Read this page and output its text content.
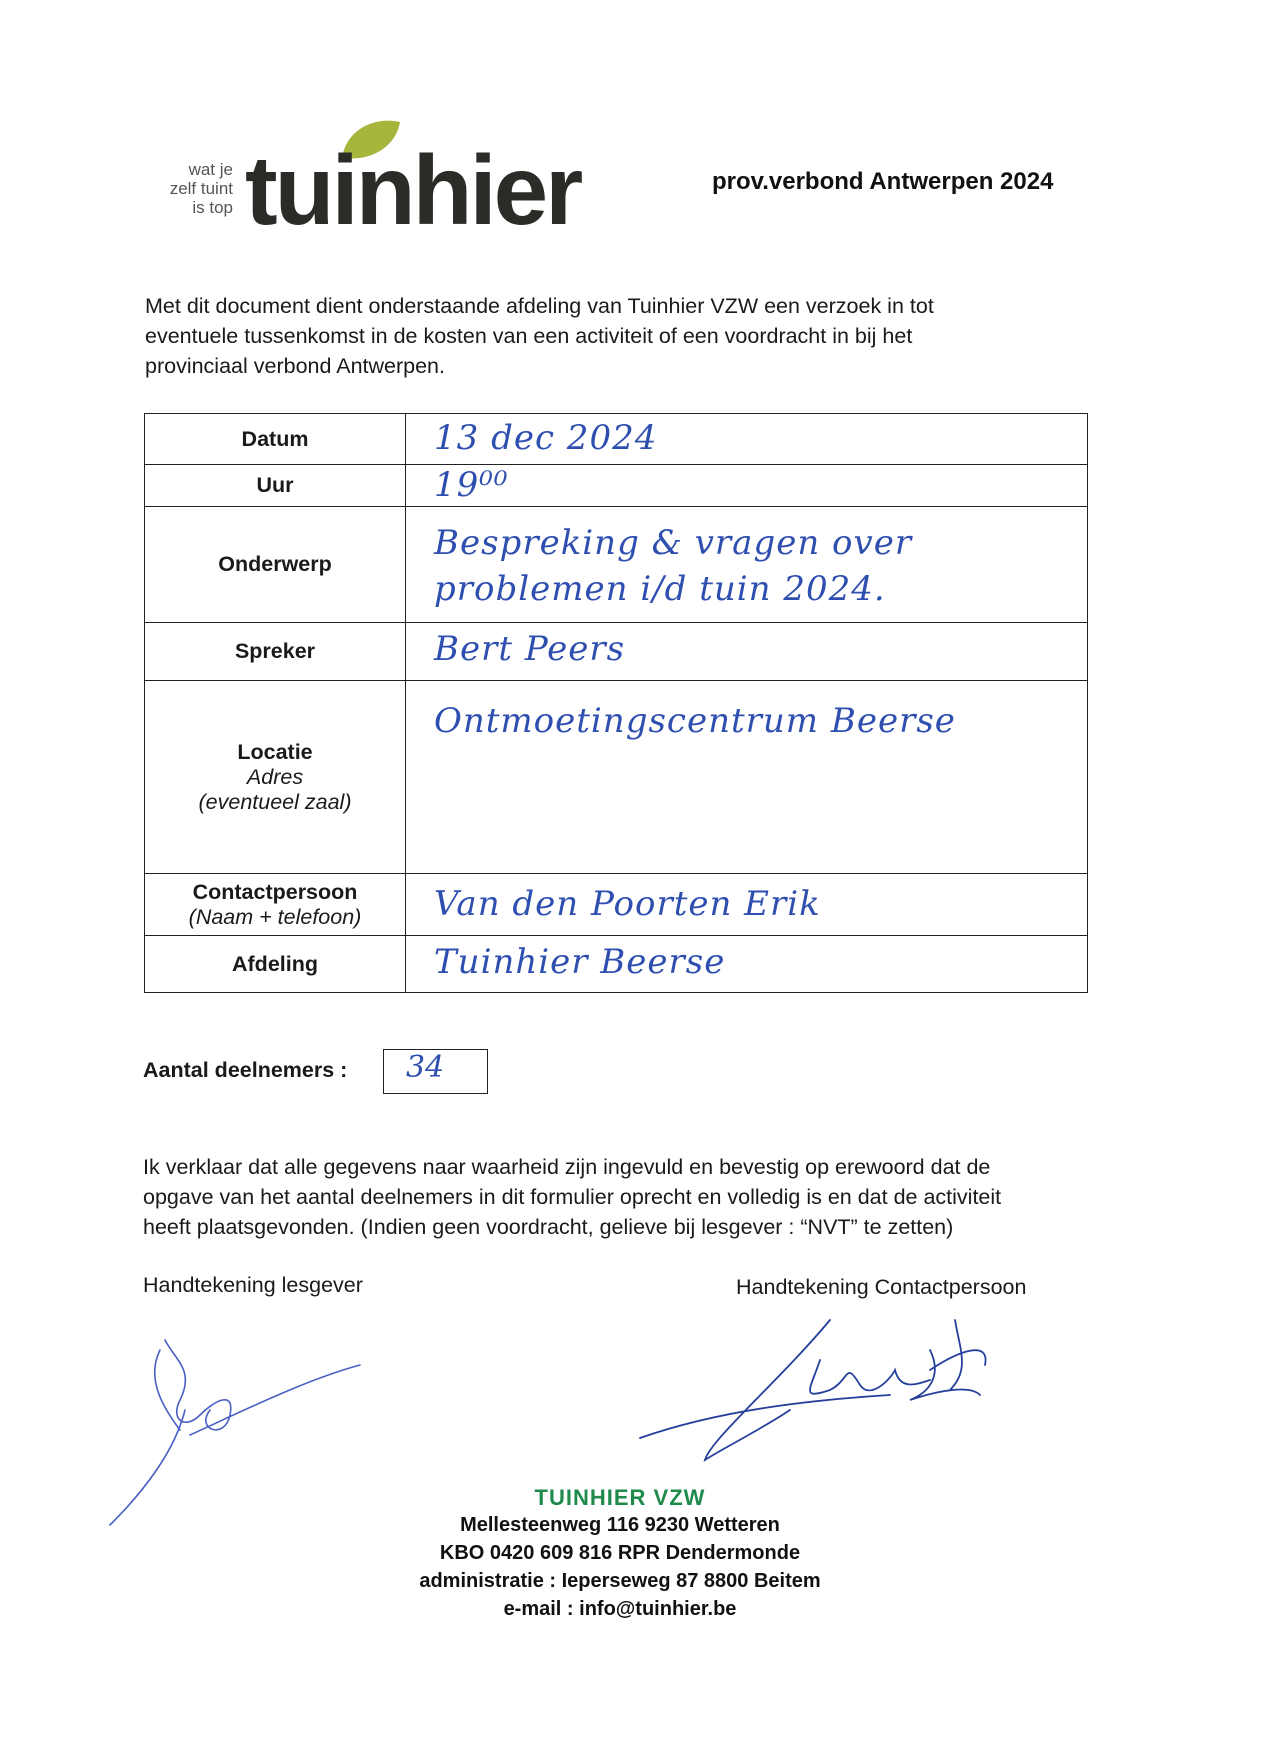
wat je
zelf tuint
is top tuinhier	prov.verbond Antwerpen 2024

Met dit document dient onderstaande afdeling van Tuinhier VZW een verzoek in tot

eventuele tussenkomst in de kosten van een activiteit of een voordracht in bij het

provinciaal verbond Antwerpen.

Datum	13 dec 2024

Uur	19⁰⁰

Onderwerp	Bespreking & vragen over
problemen i/d tuin 2024.

Spreker	Bert Peers

Locatie
Adres
(eventueel zaal)	Ontmoetingscentrum Beerse

Contactpersoon
(Naam + telefoon)	Van den Poorten Erik

Afdeling	Tuinhier Beerse
Aantal deelnemers : 34

Ik verklaar dat alle gegevens naar waarheid zijn ingevuld en bevestig op erewoord dat de

opgave van het aantal deelnemers in dit formulier oprecht en volledig is en dat de activiteit

heeft plaatsgevonden. (Indien geen voordracht, gelieve bij lesgever : “NVT” te zetten)

Handtekening lesgever	Handtekening Contactpersoon
TUINHIER VZW
Mellesteenweg 116 9230 Wetteren
KBO 0420 609 816 RPR Dendermonde
administratie : Ieperseweg 87 8800 Beitem
e-mail : info@tuinhier.be
